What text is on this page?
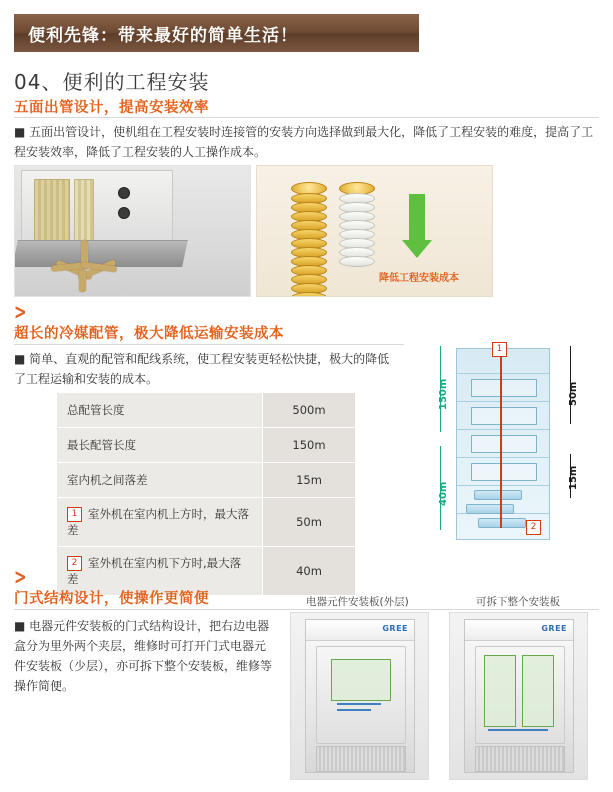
便利先锋：带来最好的简单生活！
04、便利的工程安装
五面出管设计，提高安装效率
■ 五面出管设计，使机组在工程安装时连接管的安装方向选择做到最大化，降低了工程安装的难度，提高了工程安装效率，降低了工程安装的人工操作成本。
降低工程安装成本
>
超长的冷媒配管，极大降低运输安装成本
■ 简单、直观的配管和配线系统，使工程安装更轻松快捷，极大的降低了工程运输和安装的成本。
总配管长度	500m
最长配管长度	150m
室内机之间落差	15m
1 室外机在室内机上方时，最大落差	50m
2 室外机在室内机下方时,最大落差	40m
1
2
150m
40m
50m
15m
>
门式结构设计，使操作更简便
■ 电器元件安装板的门式结构设计，把右边电器盒分为里外两个夹层，维修时可打开门式电器元件安装板（少层），亦可拆下整个安装板，维修等操作简便。
电器元件安装板(外层)	可拆下整个安装板
GREE	GREE
